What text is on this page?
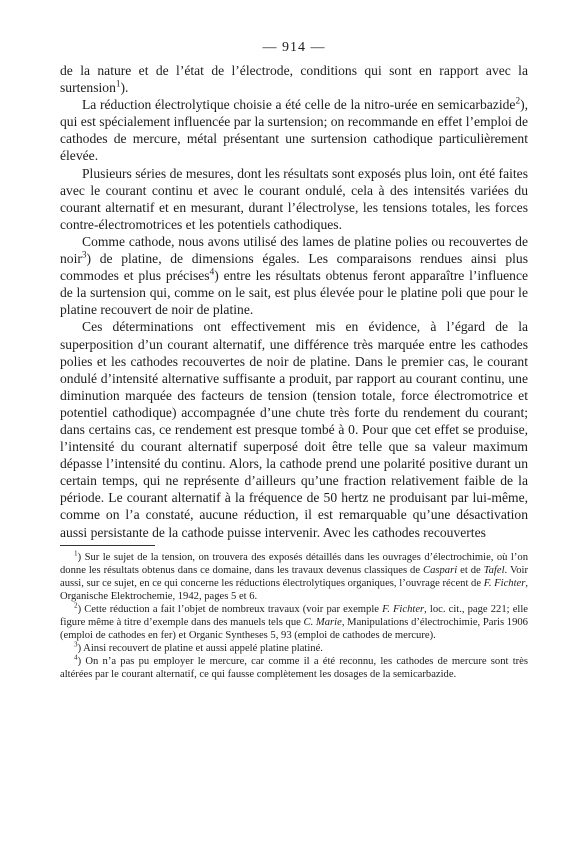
— 914 —

de la nature et de l’état de l’électrode, conditions qui sont en rapport avec la surtension$^1$).

La réduction électrolytique choisie a été celle de la nitro-urée en semicarbazide$^2$), qui est spécialement influencée par la surtension; on recommande en effet l’emploi de cathodes de mercure, métal présentant une surtension cathodique particulièrement élevée.

Plusieurs séries de mesures, dont les résultats sont exposés plus loin, ont été faites avec le courant continu et avec le courant ondulé, cela à des intensités variées du courant alternatif et en mesurant, durant l’électrolyse, les tensions totales, les forces contre-électromotrices et les potentiels cathodiques.

Comme cathode, nous avons utilisé des lames de platine polies ou recouvertes de noir$^3$) de platine, de dimensions égales. Les comparaisons rendues ainsi plus commodes et plus précises$^4$) entre les résultats obtenus feront apparaître l’influence de la surtension qui, comme on le sait, est plus élevée pour le platine poli que pour le platine recouvert de noir de platine.

Ces déterminations ont effectivement mis en évidence, à l’égard de la superposition d’un courant alternatif, une différence très marquée entre les cathodes polies et les cathodes recouvertes de noir de platine. Dans le premier cas, le courant ondulé d’intensité alternative suffisante a produit, par rapport au courant continu, une diminution marquée des facteurs de tension (tension totale, force électromotrice et potentiel cathodique) accompagnée d’une chute très forte du rendement du courant; dans certains cas, ce rendement est presque tombé à 0. Pour que cet effet se produise, l’intensité du courant alternatif superposé doit être telle que sa valeur maximum dépasse l’intensité du continu. Alors, la cathode prend une polarité positive durant un certain temps, qui ne représente d’ailleurs qu’une fraction relativement faible de la période. Le courant alternatif à la fréquence de 50 hertz ne produisant par lui-même, comme on l’a constaté, aucune réduction, il est remarquable qu’une désactivation aussi persistante de la cathode puisse intervenir. Avec les cathodes recouvertes

$^1$) Sur le sujet de la tension, on trouvera des exposés détaillés dans les ouvrages d’électrochimie, où l’on donne les résultats obtenus dans ce domaine, dans les travaux devenus classiques de Caspari et de Tafel. Voir aussi, sur ce sujet, en ce qui concerne les réductions électrolytiques organiques, l’ouvrage récent de F. Fichter, Organische Elektrochemie, 1942, pages 5 et 6.

$^2$) Cette réduction a fait l’objet de nombreux travaux (voir par exemple F. Fichter, loc. cit., page 221; elle figure même à titre d’exemple dans des manuels tels que C. Marie, Manipulations d’électrochimie, Paris 1906 (emploi de cathodes en fer) et Organic Syntheses 5, 93 (emploi de cathodes de mercure).

$^3$) Ainsi recouvert de platine et aussi appelé platine platiné.

$^4$) On n’a pas pu employer le mercure, car comme il a été reconnu, les cathodes de mercure sont très altérées par le courant alternatif, ce qui fausse complètement les dosages de la semicarbazide.
